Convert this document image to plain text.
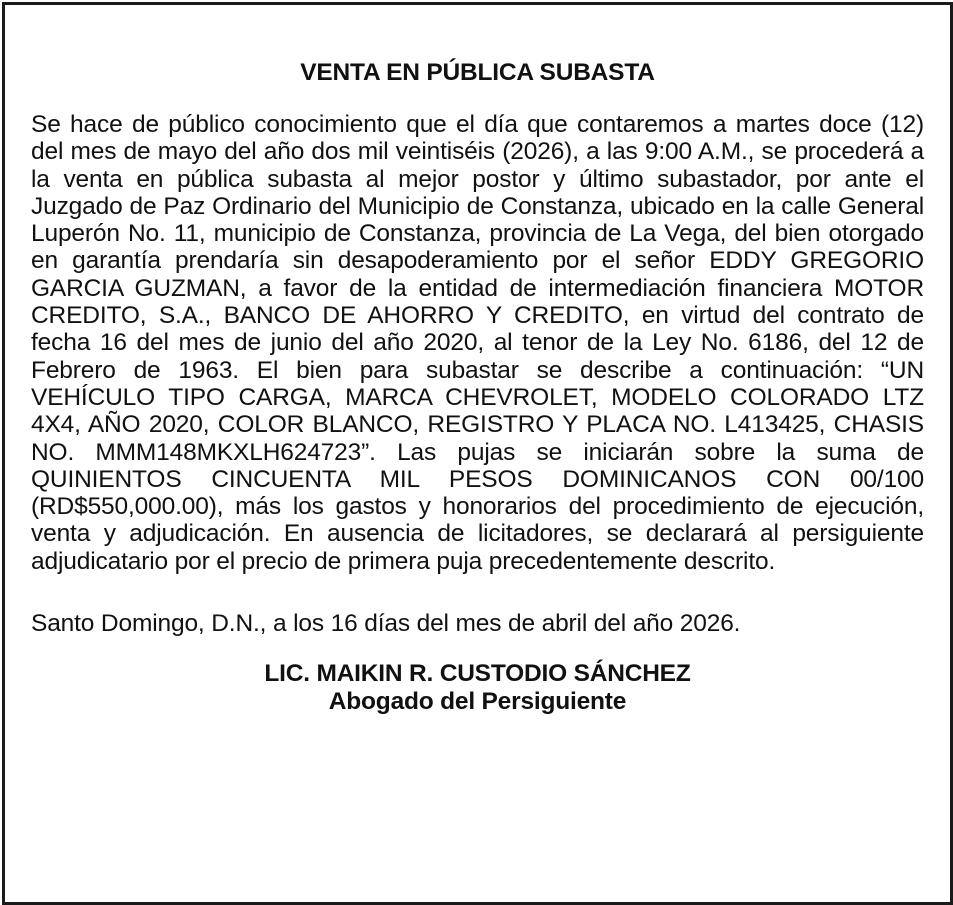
VENTA EN PÚBLICA SUBASTA

Se hace de público conocimiento que el día que contaremos a martes doce (12) del mes de mayo del año dos mil veintiséis (2026), a las 9:00 A.M., se procederá a la venta en pública subasta al mejor postor y último subastador, por ante el Juzgado de Paz Ordinario del Municipio de Constanza, ubicado en la calle General Luperón No. 11, municipio de Constanza, provincia de La Vega, del bien otorgado en garantía prendaría sin desapoderamiento por el señor EDDY GREGORIO GARCIA GUZMAN, a favor de la entidad de intermediación financiera MOTOR CREDITO, S.A., BANCO DE AHORRO Y CREDITO, en virtud del contrato de fecha 16 del mes de junio del año 2020, al tenor de la Ley No. 6186, del 12 de Febrero de 1963. El bien para subastar se describe a continuación: “UN VEHÍCULO TIPO CARGA, MARCA CHEVROLET, MODELO COLORADO LTZ 4X4, AÑO 2020, COLOR BLANCO, REGISTRO Y PLACA NO. L413425, CHASIS NO. MMM148MKXLH624723”. Las pujas se iniciarán sobre la suma de QUINIENTOS CINCUENTA MIL PESOS DOMINICANOS CON 00/100 (RD$550,000.00), más los gastos y honorarios del procedimiento de ejecución, venta y adjudicación. En ausencia de licitadores, se declarará al persiguiente adjudicatario por el precio de primera puja precedentemente descrito.

Santo Domingo, D.N., a los 16 días del mes de abril del año 2026.

LIC. MAIKIN R. CUSTODIO SÁNCHEZ
Abogado del Persiguiente
